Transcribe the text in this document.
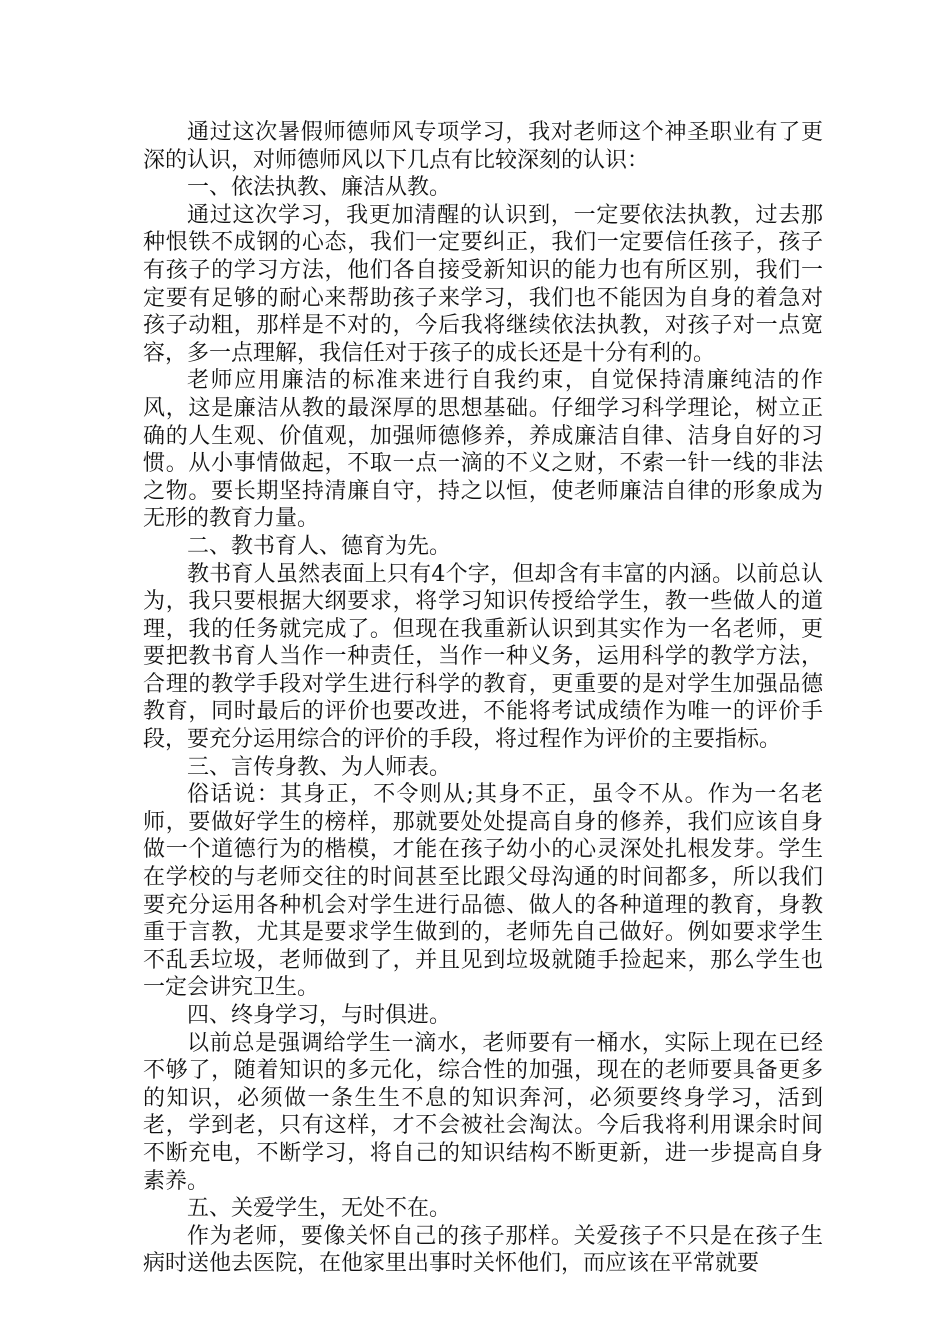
通过这次暑假师德师风专项学习，我对老师这个神圣职业有了更深的认识，对师德师风以下几点有比较深刻的认识：

一、依法执教、廉洁从教。

通过这次学习，我更加清醒的认识到，一定要依法执教，过去那种恨铁不成钢的心态，我们一定要纠正，我们一定要信任孩子，孩子有孩子的学习方法，他们各自接受新知识的能力也有所区别，我们一定要有足够的耐心来帮助孩子来学习，我们也不能因为自身的着急对孩子动粗，那样是不对的，今后我将继续依法执教，对孩子对一点宽容，多一点理解，我信任对于孩子的成长还是十分有利的。

老师应用廉洁的标准来进行自我约束，自觉保持清廉纯洁的作风，这是廉洁从教的最深厚的思想基础。仔细学习科学理论，树立正确的人生观、价值观，加强师德修养，养成廉洁自律、洁身自好的习惯。从小事情做起，不取一点一滴的不义之财，不索一针一线的非法之物。要长期坚持清廉自守，持之以恒，使老师廉洁自律的形象成为无形的教育力量。

二、教书育人、德育为先。

教书育人虽然表面上只有4个字，但却含有丰富的内涵。以前总认为，我只要根据大纲要求，将学习知识传授给学生，教一些做人的道理，我的任务就完成了。但现在我重新认识到其实作为一名老师，更要把教书育人当作一种责任，当作一种义务，运用科学的教学方法，合理的教学手段对学生进行科学的教育，更重要的是对学生加强品德教育，同时最后的评价也要改进，不能将考试成绩作为唯一的评价手段，要充分运用综合的评价的手段，将过程作为评价的主要指标。

三、言传身教、为人师表。

俗话说：其身正，不令则从;其身不正，虽令不从。作为一名老师，要做好学生的榜样，那就要处处提高自身的修养，我们应该自身做一个道德行为的楷模，才能在孩子幼小的心灵深处扎根发芽。学生在学校的与老师交往的时间甚至比跟父母沟通的时间都多，所以我们要充分运用各种机会对学生进行品德、做人的各种道理的教育，身教重于言教，尤其是要求学生做到的，老师先自己做好。例如要求学生不乱丢垃圾，老师做到了，并且见到垃圾就随手捡起来，那么学生也一定会讲究卫生。

四、终身学习，与时俱进。

以前总是强调给学生一滴水，老师要有一桶水，实际上现在已经不够了，随着知识的多元化，综合性的加强，现在的老师要具备更多的知识，必须做一条生生不息的知识奔河，必须要终身学习，活到老，学到老，只有这样，才不会被社会淘汰。今后我将利用课余时间不断充电，不断学习，将自己的知识结构不断更新，进一步提高自身素养。

五、关爱学生，无处不在。

作为老师，要像关怀自己的孩子那样。关爱孩子不只是在孩子生病时送他去医院，在他家里出事时关怀他们，而应该在平常就要
